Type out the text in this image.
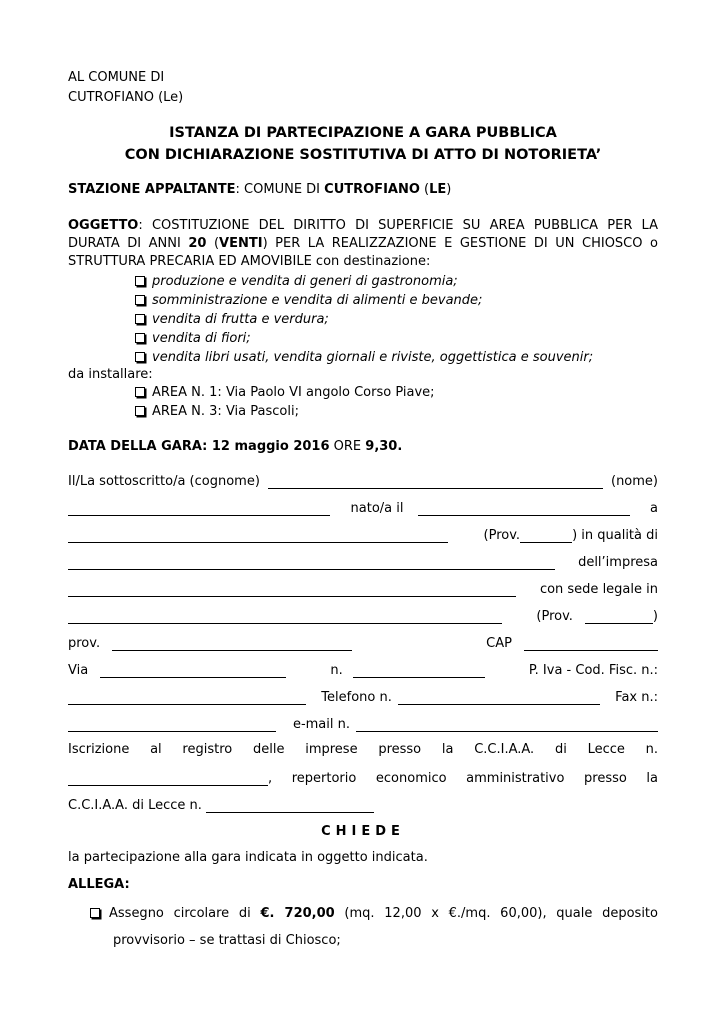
AL COMUNE DI
CUTROFIANO (Le)
ISTANZA DI PARTECIPAZIONE A GARA PUBBLICA
CON DICHIARAZIONE SOSTITUTIVA DI ATTO DI NOTORIETA’
STAZIONE APPALTANTE: COMUNE DI CUTROFIANO (LE)
OGGETTO: COSTITUZIONE DEL DIRITTO DI SUPERFICIE SU AREA PUBBLICA PER LA
DURATA DI ANNI 20 (VENTI) PER LA REALIZZAZIONE E GESTIONE DI UN CHIOSCO o
STRUTTURA PRECARIA ED AMOVIBILE con destinazione:
produzione e vendita di generi di gastronomia;
somministrazione e vendita di alimenti e bevande;
vendita di frutta e verdura;
vendita di fiori;
vendita libri usati, vendita giornali e riviste, oggettistica e souvenir;
da installare:
AREA N. 1: Via Paolo VI angolo Corso Piave;
AREA N. 3: Via Pascoli;
DATA DELLA GARA: 12 maggio 2016 ORE 9,30.
Il/La sottoscritto/a (cognome)	(nome)
nato/a il	a
(Prov.	) in qualità di
dell’impresa
con sede legale in
(Prov.	)
prov.	CAP
Via	n.	P. Iva - Cod. Fisc. n.:
Telefono n.	Fax n.:
e-mail n.
Iscrizione al registro delle imprese presso la C.C.I.A.A. di Lecce n.
, repertorio economico amministrativo presso la
C.C.I.A.A. di Lecce n.
CHIEDE
la partecipazione alla gara indicata in oggetto indicata.
ALLEGA:
Assegno circolare di €. 720,00 (mq. 12,00 x €./mq. 60,00), quale deposito
provvisorio – se trattasi di Chiosco;
